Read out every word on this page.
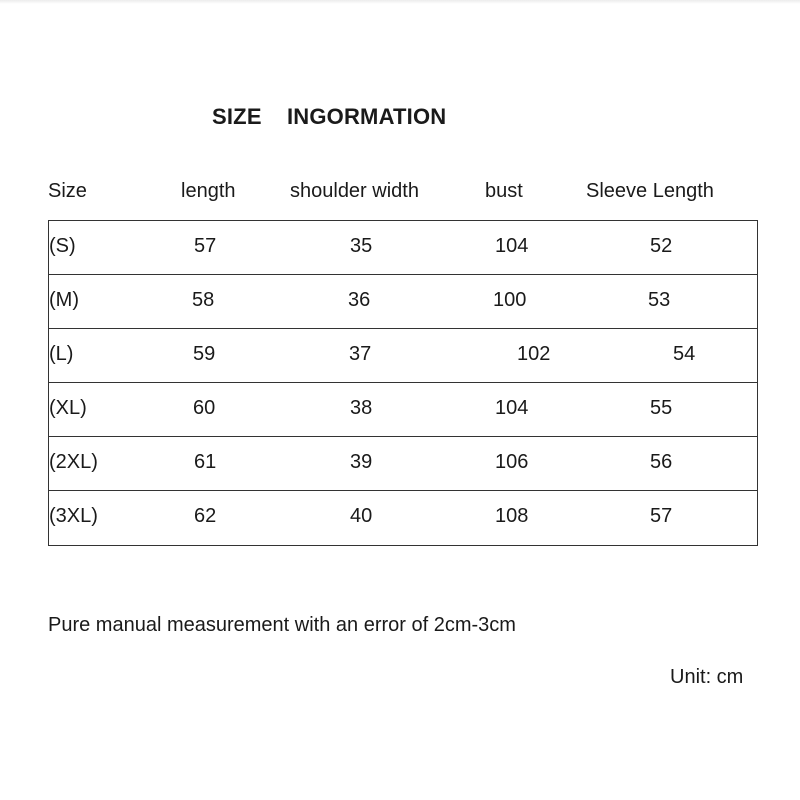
SIZE    INGORMATION
Size	length	shoulder width	bust	Sleeve Length
(S)	57	35	104	52
(M)	58	36	100	53
(L)	59	37	102	54
(XL)	60	38	104	55
(2XL)	61	39	106	56
(3XL)	62	40	108	57
Pure manual measurement with an error of 2cm-3cm
Unit: cm
